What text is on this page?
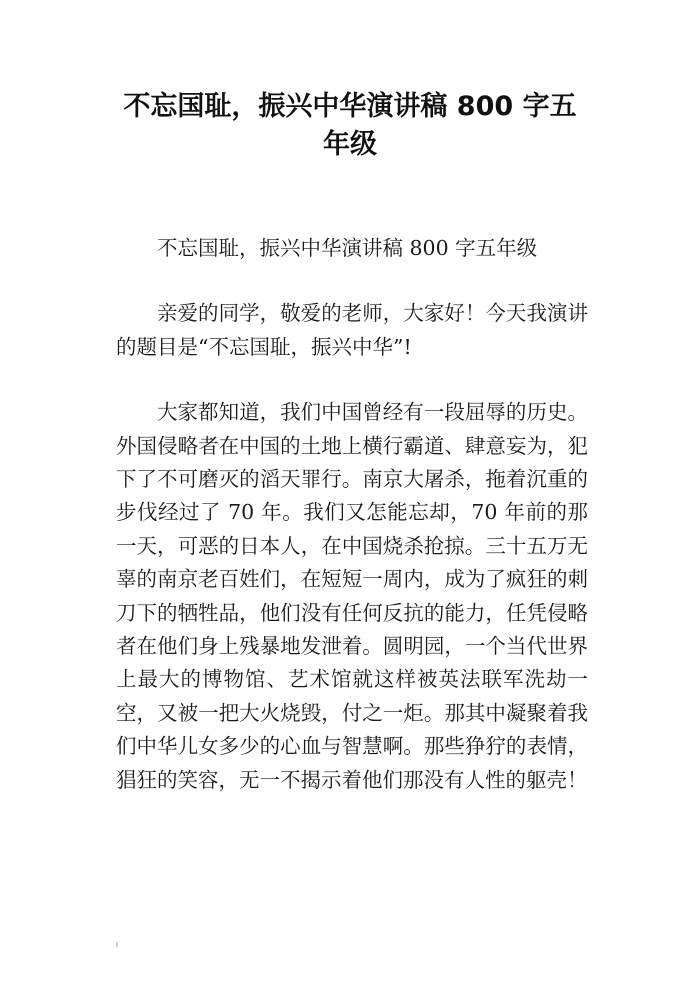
不忘国耻，振兴中华演讲稿 800 字五年级

不忘国耻，振兴中华演讲稿 800 字五年级

亲爱的同学，敬爱的老师，大家好！今天我演讲的题目是“不忘国耻，振兴中华”!

大家都知道，我们中国曾经有一段屈辱的历史。外国侵略者在中国的土地上横行霸道、肆意妄为，犯下了不可磨灭的滔天罪行。南京大屠杀，拖着沉重的步伐经过了 70 年。我们又怎能忘却，70 年前的那一天，可恶的日本人，在中国烧杀抢掠。三十五万无辜的南京老百姓们，在短短一周内，成为了疯狂的刺刀下的牺牲品，他们没有任何反抗的能力，任凭侵略者在他们身上残暴地发泄着。圆明园，一个当代世界上最大的博物馆、艺术馆就这样被英法联军洗劫一空，又被一把大火烧毁，付之一炬。那其中凝聚着我们中华儿女多少的心血与智慧啊。那些狰狞的表情，猖狂的笑容，无一不揭示着他们那没有人性的躯壳！
